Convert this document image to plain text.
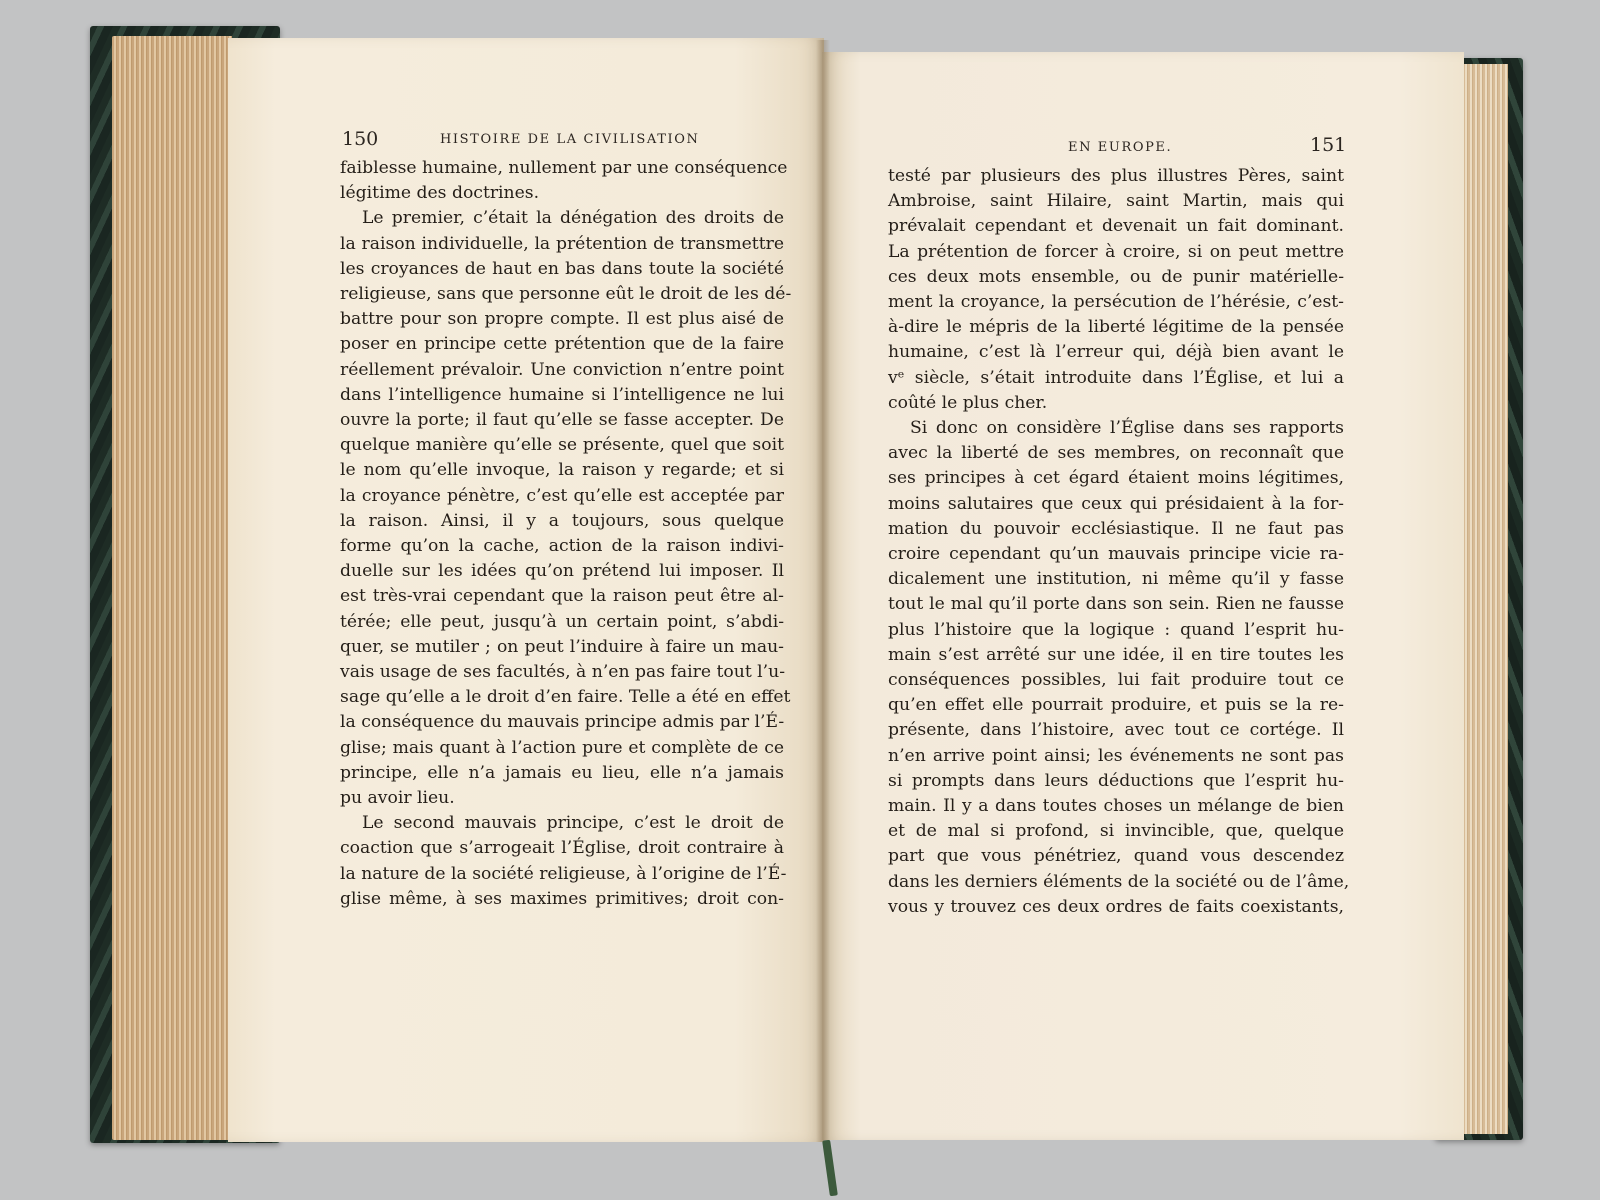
150	HISTOIRE DE LA CIVILISATION
EN EUROPE.	151
faiblesse humaine, nullement par une conséquence
légitime des doctrines.
Le premier, c’était la dénégation des droits de
la raison individuelle, la prétention de transmettre
les croyances de haut en bas dans toute la société
religieuse, sans que personne eût le droit de les dé-
battre pour son propre compte. Il est plus aisé de
poser en principe cette prétention que de la faire
réellement prévaloir. Une conviction n’entre point
dans l’intelligence humaine si l’intelligence ne lui
ouvre la porte; il faut qu’elle se fasse accepter. De
quelque manière qu’elle se présente, quel que soit
le nom qu’elle invoque, la raison y regarde; et si
la croyance pénètre, c’est qu’elle est acceptée par
la raison. Ainsi, il y a toujours, sous quelque
forme qu’on la cache, action de la raison indivi-
duelle sur les idées qu’on prétend lui imposer. Il
est très-vrai cependant que la raison peut être al-
térée; elle peut, jusqu’à un certain point, s’abdi-
quer, se mutiler ; on peut l’induire à faire un mau-
vais usage de ses facultés, à n’en pas faire tout l’u-
sage qu’elle a le droit d’en faire. Telle a été en effet
la conséquence du mauvais principe admis par l’É-
glise; mais quant à l’action pure et complète de ce
principe, elle n’a jamais eu lieu, elle n’a jamais
pu avoir lieu.
Le second mauvais principe, c’est le droit de
coaction que s’arrogeait l’Église, droit contraire à
la nature de la société religieuse, à l’origine de l’É-
glise même, à ses maximes primitives; droit con-
testé par plusieurs des plus illustres Pères, saint
Ambroise, saint Hilaire, saint Martin, mais qui
prévalait cependant et devenait un fait dominant.
La prétention de forcer à croire, si on peut mettre
ces deux mots ensemble, ou de punir matérielle-
ment la croyance, la persécution de l’hérésie, c’est-
à-dire le mépris de la liberté légitime de la pensée
humaine, c’est là l’erreur qui, déjà bien avant le
vᵉ siècle, s’était introduite dans l’Église, et lui a
coûté le plus cher.
Si donc on considère l’Église dans ses rapports
avec la liberté de ses membres, on reconnaît que
ses principes à cet égard étaient moins légitimes,
moins salutaires que ceux qui présidaient à la for-
mation du pouvoir ecclésiastique. Il ne faut pas
croire cependant qu’un mauvais principe vicie ra-
dicalement une institution, ni même qu’il y fasse
tout le mal qu’il porte dans son sein. Rien ne fausse
plus l’histoire que la logique : quand l’esprit hu-
main s’est arrêté sur une idée, il en tire toutes les
conséquences possibles, lui fait produire tout ce
qu’en effet elle pourrait produire, et puis se la re-
présente, dans l’histoire, avec tout ce cortége. Il
n’en arrive point ainsi; les événements ne sont pas
si prompts dans leurs déductions que l’esprit hu-
main. Il y a dans toutes choses un mélange de bien
et de mal si profond, si invincible, que, quelque
part que vous pénétriez, quand vous descendez
dans les derniers éléments de la société ou de l’âme,
vous y trouvez ces deux ordres de faits coexistants,
